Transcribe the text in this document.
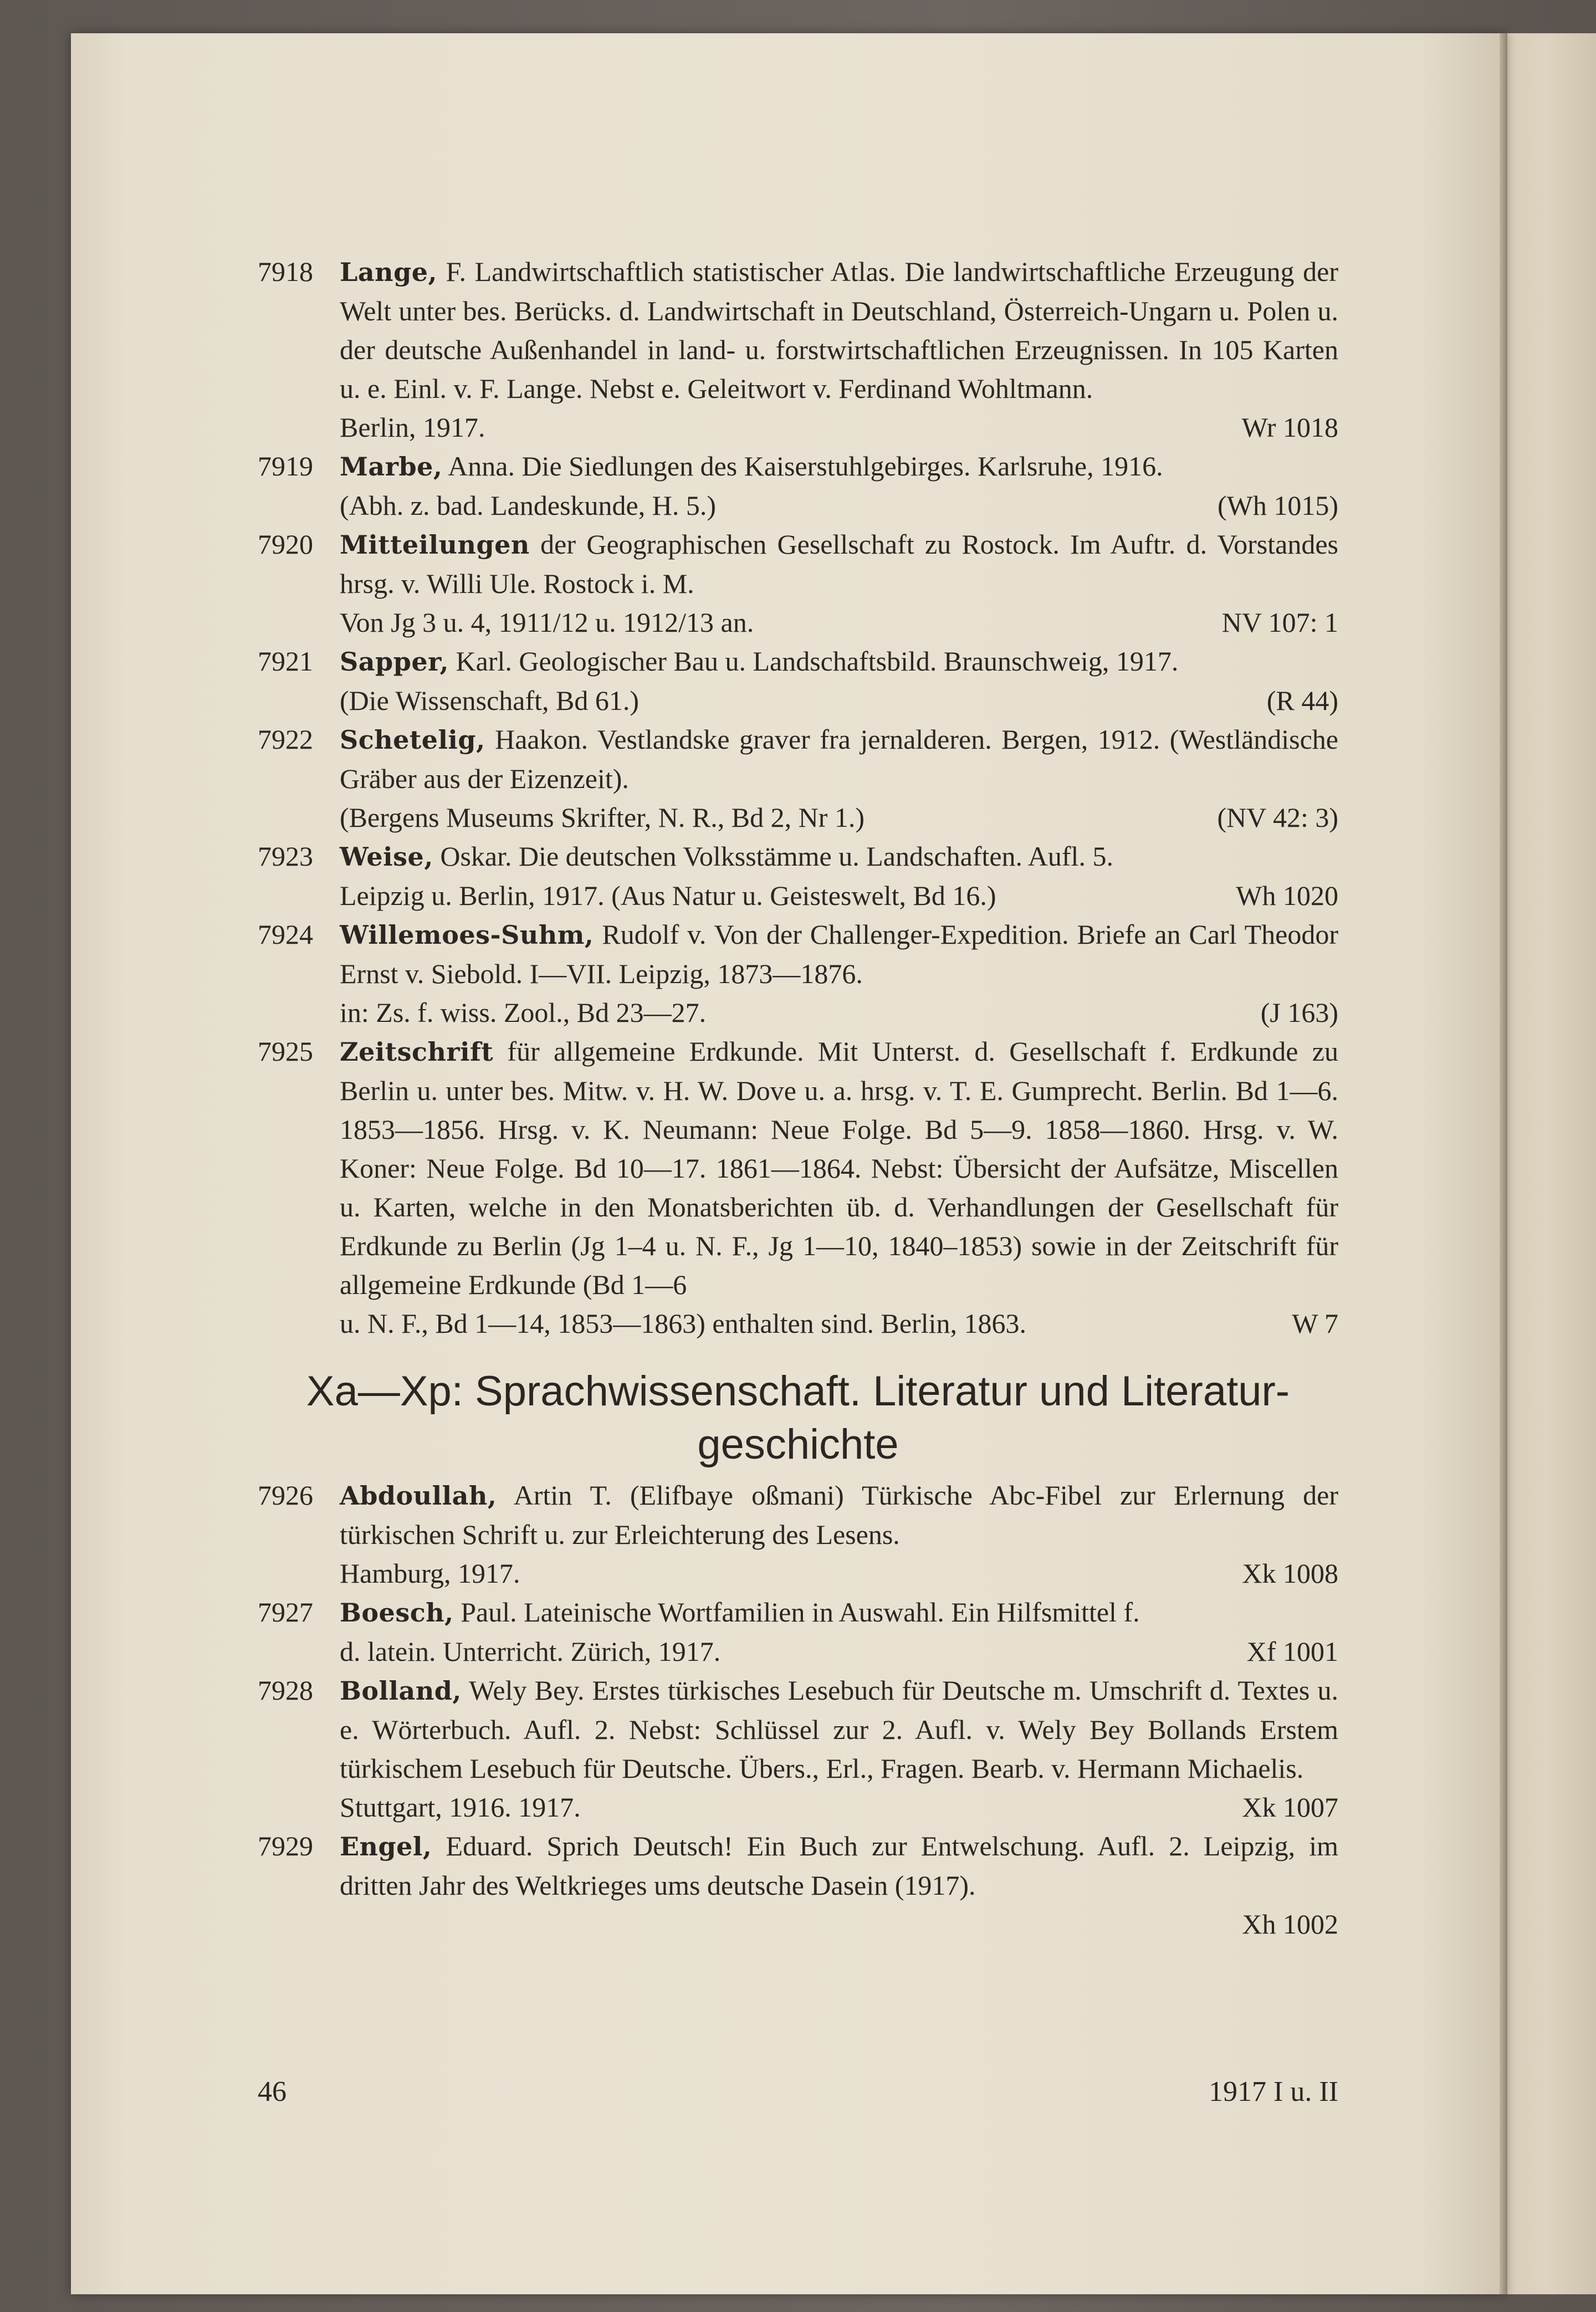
7918	Lange, F. Landwirtschaftlich statistischer Atlas. Die landwirtschaftliche Erzeugung der Welt unter bes. Berücks. d. Landwirtschaft in Deutschland, Österreich-Ungarn u. Polen u. der deutsche Außenhandel in land- u. forstwirtschaftlichen Erzeugnissen. In 105 Karten u. e. Einl. v. F. Lange. Nebst e. Geleitwort v. Ferdinand Wohltmann.
Berlin, 1917.	Wr 1018
7919	Marbe, Anna. Die Siedlungen des Kaiserstuhlgebirges. Karlsruhe, 1916.
(Abh. z. bad. Landeskunde, H. 5.)	(Wh 1015)
7920	Mitteilungen der Geographischen Gesellschaft zu Rostock. Im Auftr. d. Vorstandes hrsg. v. Willi Ule. Rostock i. M.
Von Jg 3 u. 4, 1911/12 u. 1912/13 an.	NV 107: 1
7921	Sapper, Karl. Geologischer Bau u. Landschaftsbild. Braunschweig, 1917.
(Die Wissenschaft, Bd 61.)	(R 44)
7922	Schetelig, Haakon. Vestlandske graver fra jernalderen. Bergen, 1912. (Westländische Gräber aus der Eizenzeit).
(Bergens Museums Skrifter, N. R., Bd 2, Nr 1.)	(NV 42: 3)
7923	Weise, Oskar. Die deutschen Volksstämme u. Landschaften. Aufl. 5.
Leipzig u. Berlin, 1917. (Aus Natur u. Geisteswelt, Bd 16.)	Wh 1020
7924	Willemoes-Suhm, Rudolf v. Von der Challenger-Expedition. Briefe an Carl Theodor Ernst v. Siebold. I—VII. Leipzig, 1873—1876.
in: Zs. f. wiss. Zool., Bd 23—27.	(J 163)
7925	Zeitschrift für allgemeine Erdkunde. Mit Unterst. d. Gesellschaft f. Erdkunde zu Berlin u. unter bes. Mitw. v. H. W. Dove u. a. hrsg. v. T. E. Gumprecht. Berlin. Bd 1—6. 1853—1856. Hrsg. v. K. Neumann: Neue Folge. Bd 5—9. 1858—1860. Hrsg. v. W. Koner: Neue Folge. Bd 10—17. 1861—1864. Nebst: Übersicht der Aufsätze, Miscellen u. Karten, welche in den Monatsberichten üb. d. Verhandlungen der Gesellschaft für Erdkunde zu Berlin (Jg 1–4 u. N. F., Jg 1—10, 1840–1853) sowie in der Zeitschrift für allgemeine Erdkunde (Bd 1—6
u. N. F., Bd 1—14, 1853—1863) enthalten sind. Berlin, 1863.	W 7
Xa—Xp: Sprachwissenschaft. Literatur und Literatur-
geschichte
7926	Abdoullah, Artin T. (Elifbaye oßmani) Türkische Abc-Fibel zur Erlernung der türkischen Schrift u. zur Erleichterung des Lesens.
Hamburg, 1917.	Xk 1008
7927	Boesch, Paul. Lateinische Wortfamilien in Auswahl. Ein Hilfsmittel f.
d. latein. Unterricht. Zürich, 1917.	Xf 1001
7928	Bolland, Wely Bey. Erstes türkisches Lesebuch für Deutsche m. Umschrift d. Textes u. e. Wörterbuch. Aufl. 2. Nebst: Schlüssel zur 2. Aufl. v. Wely Bey Bollands Erstem türkischem Lesebuch für Deutsche. Übers., Erl., Fragen. Bearb. v. Hermann Michaelis.
Stuttgart, 1916. 1917.	Xk 1007
7929	Engel, Eduard. Sprich Deutsch! Ein Buch zur Entwelschung. Aufl. 2. Leipzig, im dritten Jahr des Weltkrieges ums deutsche Dasein (1917).
Xh 1002
46	1917 I u. II
